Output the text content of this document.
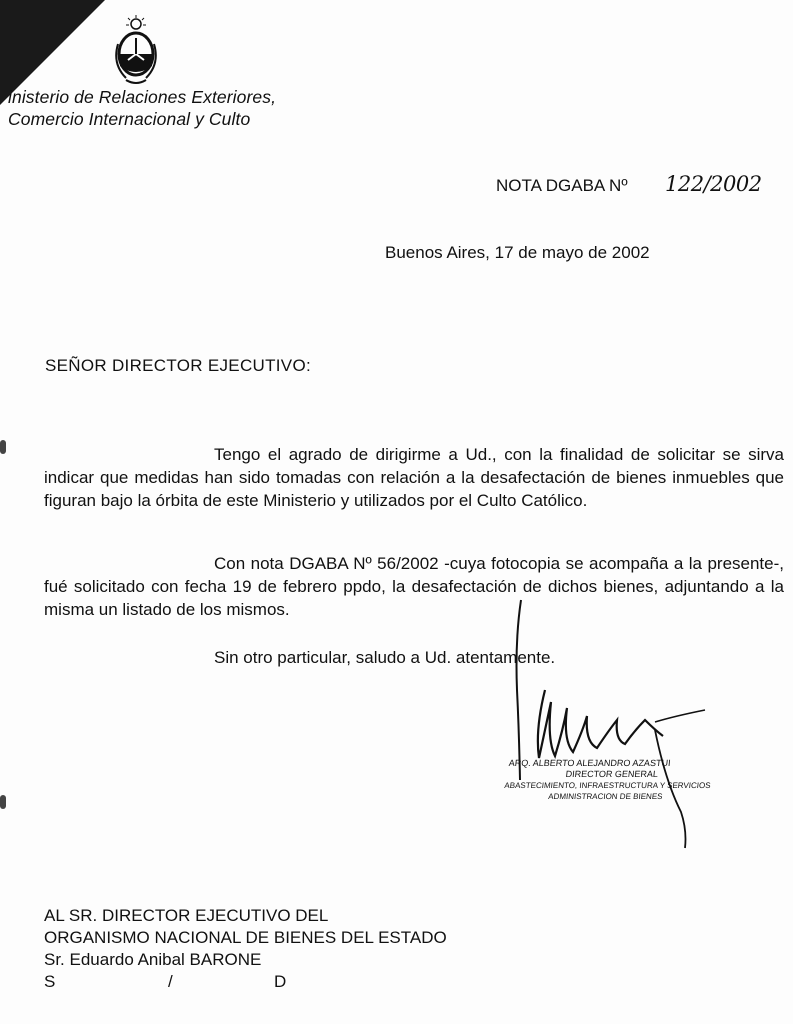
inisterio de Relaciones Exteriores,
Comercio Internacional y Culto
NOTA DGABA Nº 122/2002
Buenos Aires, 17 de mayo de 2002
SEÑOR DIRECTOR EJECUTIVO:

Tengo el agrado de dirigirme a Ud., con la finalidad de solicitar se sirva indicar que medidas han sido tomadas con relación a la desafectación de bienes inmuebles que figuran bajo la órbita de este Ministerio y utilizados por el Culto Católico.

Con nota DGABA Nº 56/2002 -cuya fotocopia se acompaña a la presente-, fué solicitado con fecha 19 de febrero ppdo, la desafectación de dichos bienes, adjuntando a la misma un listado de los mismos.

Sin otro particular, saludo a Ud. atentamente.

ARQ. ALBERTO ALEJANDRO AZASTUI
DIRECTOR GENERAL
ABASTECIMIENTO, INFRAESTRUCTURA Y SERVICIOS
ADMINISTRACION DE BIENES
AL SR. DIRECTOR EJECUTIVO DEL
ORGANISMO NACIONAL DE BIENES DEL ESTADO
Sr. Eduardo Anibal BARONE
S	/	D
